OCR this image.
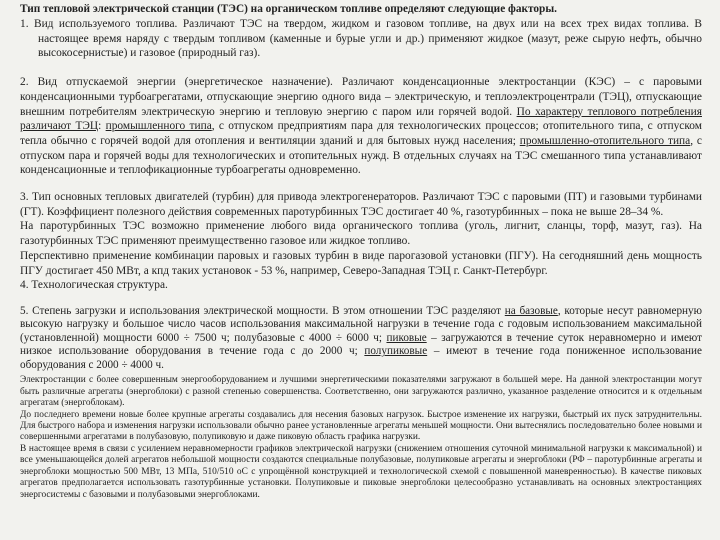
Тип тепловой электрической станции (ТЭС) на органическом топливе определяют следующие факторы.

1. Вид используемого топлива. Различают ТЭС на твердом, жидком и газовом топливе, на двух или на всех трех видах топлива. В настоящее время наряду с твердым топливом (каменные и бурые угли и др.) применяют жидкое (мазут, реже сырую нефть, обычно высокосернистые) и газовое (природный газ).

2. Вид отпускаемой энергии (энергетическое назначение). Различают конденсационные электростанции (КЭС) – с паровыми конденсационными турбоагрегатами, отпускающие энергию одного вида – электрическую, и теплоэлектроцентрали (ТЭЦ), отпускающие внешним потребителям электрическую энергию и тепловую энергию с паром или горячей водой. По характеру теплового потребления различают ТЭЦ: промышленного типа, с отпуском предприятиям пара для технологических процессов; отопительного типа, с отпуском тепла обычно с горячей водой для отопления и вентиляции зданий и для бытовых нужд населения; промышленно-отопительного типа, с отпуском пара и горячей воды для технологических и отопительных нужд. В отдельных случаях на ТЭС смешанного типа устанавливают конденсационные и теплофикационные турбоагрегаты одновременно.

3. Тип основных тепловых двигателей (турбин) для привода электрогенераторов. Различают ТЭС с паровыми (ПТ) и газовыми турбинами (ГТ). Коэффициент полезного действия современных паротурбинных ТЭС достигает 40 %, газотурбинных – пока не выше 28–34 %.

На паротурбинных ТЭС возможно применение любого вида органического топлива (уголь, лигнит, сланцы, торф, мазут, газ). На газотурбинных ТЭС применяют преимущественно газовое или жидкое топливо.

Перспективно применение комбинации паровых и газовых турбин в виде парогазовой установки (ПГУ). На сегодняшний день мощность ПГУ достигает 450 МВт, а кпд таких установок - 53 %, например, Северо-Западная ТЭЦ г. Санкт-Петербург.

4. Технологическая структура.

5. Степень загрузки и использования электрической мощности. В этом отношении ТЭС разделяют на базовые, которые несут равномерную высокую нагрузку и большое число часов использования максимальной нагрузки в течение года с годовым использованием максимальной (установленной) мощности 6000 ÷ 7500 ч; полубазовые с 4000 ÷ 6000 ч; пиковые – загружаются в течение суток неравномерно и имеют низкое использование оборудования в течение года с до 2000 ч; полупиковые – имеют в течение года пониженное использование оборудования с 2000 ÷ 4000 ч.

Электростанции с более совершенным энергооборудованием и лучшими энергетическими показателями загружают в большей мере. На данной электростанции могут быть различные агрегаты (энергоблоки) с разной степенью совершенства. Соответственно, они загружаются различно, указанное разделение относится и к отдельным агрегатам (энергоблокам).

До последнего времени новые более крупные агрегаты создавались для несения базовых нагрузок. Быстрое изменение их нагрузки, быстрый их пуск затруднительны. Для быстрого набора и изменения нагрузки использовали обычно ранее установленные агрегаты меньшей мощности. Они вытеснялись последовательно более новыми и совершенными агрегатами в полубазовую, полупиковую и даже пиковую область графика нагрузки.

В настоящее время в связи с усилением неравномерности графиков электрической нагрузки (снижением отношения суточной минимальной нагрузки к максимальной) и все уменьшающейся долей агрегатов небольшой мощности создаются специальные полубазовые, полупиковые агрегаты и энергоблоки (РФ – паротурбинные агрегаты и энергоблоки мощностью 500 МВт, 13 МПа, 510/510 оС с упрощённой конструкцией и технологической схемой с повышенной маневренностью). В качестве пиковых агрегатов предполагается использовать газотурбинные установки. Полупиковые и пиковые энергоблоки целесообразно устанавливать на основных электростанциях энергосистемы с базовыми и полубазовыми энергоблоками.
